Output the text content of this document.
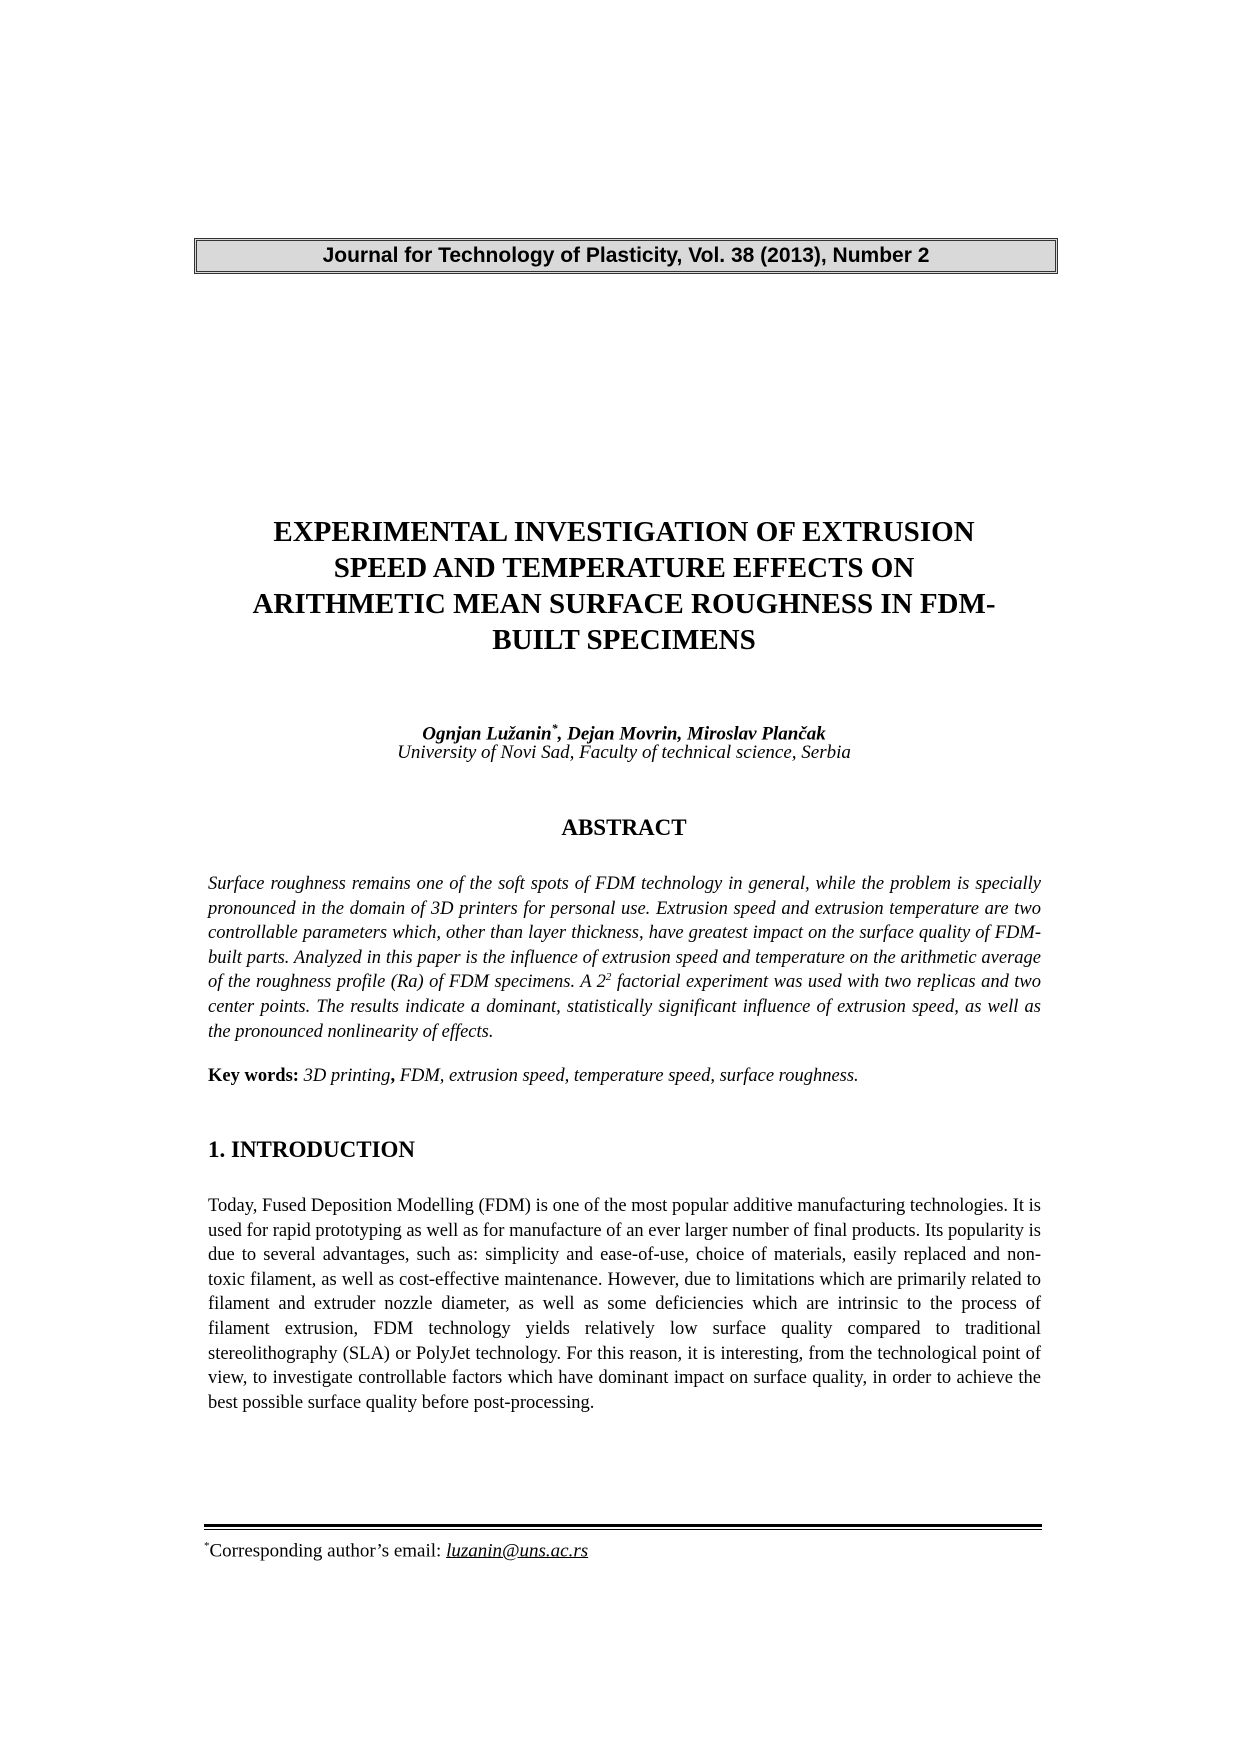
Journal for Technology of Plasticity, Vol. 38 (2013), Number 2
EXPERIMENTAL INVESTIGATION OF EXTRUSION
SPEED AND TEMPERATURE EFFECTS ON
ARITHMETIC MEAN SURFACE ROUGHNESS IN FDM-
BUILT SPECIMENS
Ognjan Lužanin*, Dejan Movrin, Miroslav Plančak
University of Novi Sad, Faculty of technical science, Serbia
ABSTRACT

Surface roughness remains one of the soft spots of FDM technology in general, while the problem is specially pronounced in the domain of 3D printers for personal use. Extrusion speed and extrusion temperature are two controllable parameters which, other than layer thickness, have greatest impact on the surface quality of FDM-built parts. Analyzed in this paper is the influence of extrusion speed and temperature on the arithmetic average of the roughness profile (Ra) of FDM specimens. A $2^2$ factorial experiment was used with two replicas and two center points. The results indicate a dominant, statistically significant influence of extrusion speed, as well as the pronounced nonlinearity of effects.

Key words: 3D printing, FDM, extrusion speed, temperature speed, surface roughness.

1. INTRODUCTION

Today, Fused Deposition Modelling (FDM) is one of the most popular additive manufacturing technologies. It is used for rapid prototyping as well as for manufacture of an ever larger number of final products. Its popularity is due to several advantages, such as: simplicity and ease-of-use, choice of materials, easily replaced and non-toxic filament, as well as cost-effective maintenance. However, due to limitations which are primarily related to filament and extruder nozzle diameter, as well as some deficiencies which are intrinsic to the process of filament extrusion, FDM technology yields relatively low surface quality compared to traditional stereolithography (SLA) or PolyJet technology. For this reason, it is interesting, from the technological point of view, to investigate controllable factors which have dominant impact on surface quality, in order to achieve the best possible surface quality before post-processing.

*Corresponding author’s email: luzanin@uns.ac.rs
